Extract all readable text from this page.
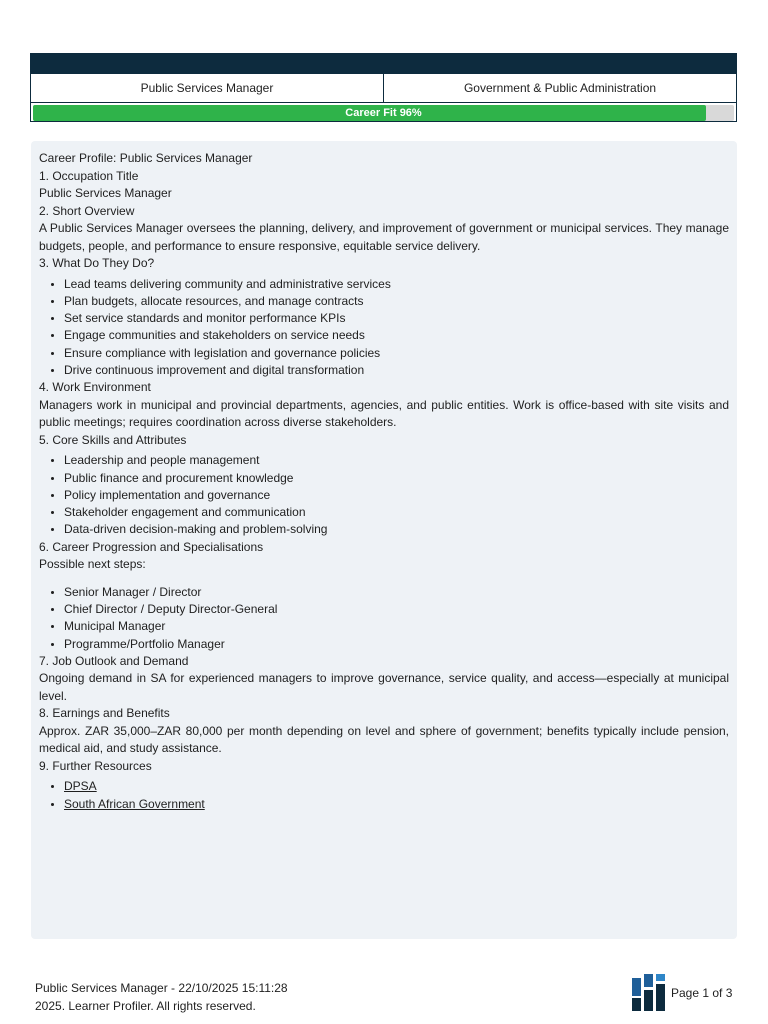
Public Services Manager	Government & Public Administration
Career Fit 96%

Career Profile: Public Services Manager

1. Occupation Title

Public Services Manager

2. Short Overview

A Public Services Manager oversees the planning, delivery, and improvement of government or municipal services. They manage budgets, people, and performance to ensure responsive, equitable service delivery.

3. What Do They Do?

• Lead teams delivering community and administrative services
• Plan budgets, allocate resources, and manage contracts
• Set service standards and monitor performance KPIs
• Engage communities and stakeholders on service needs
• Ensure compliance with legislation and governance policies
• Drive continuous improvement and digital transformation

4. Work Environment

Managers work in municipal and provincial departments, agencies, and public entities. Work is office-based with site visits and public meetings; requires coordination across diverse stakeholders.

5. Core Skills and Attributes

• Leadership and people management
• Public finance and procurement knowledge
• Policy implementation and governance
• Stakeholder engagement and communication
• Data-driven decision-making and problem-solving

6. Career Progression and Specialisations

Possible next steps:

• Senior Manager / Director
• Chief Director / Deputy Director-General
• Municipal Manager
• Programme/Portfolio Manager

7. Job Outlook and Demand

Ongoing demand in SA for experienced managers to improve governance, service quality, and access—especially at municipal level.

8. Earnings and Benefits

Approx. ZAR 35,000–ZAR 80,000 per month depending on level and sphere of government; benefits typically include pension, medical aid, and study assistance.

9. Further Resources

• DPSA
• South African Government
Public Services Manager - 22/10/2025 15:11:28
2025. Learner Profiler. All rights reserved.
Page 1 of 3
